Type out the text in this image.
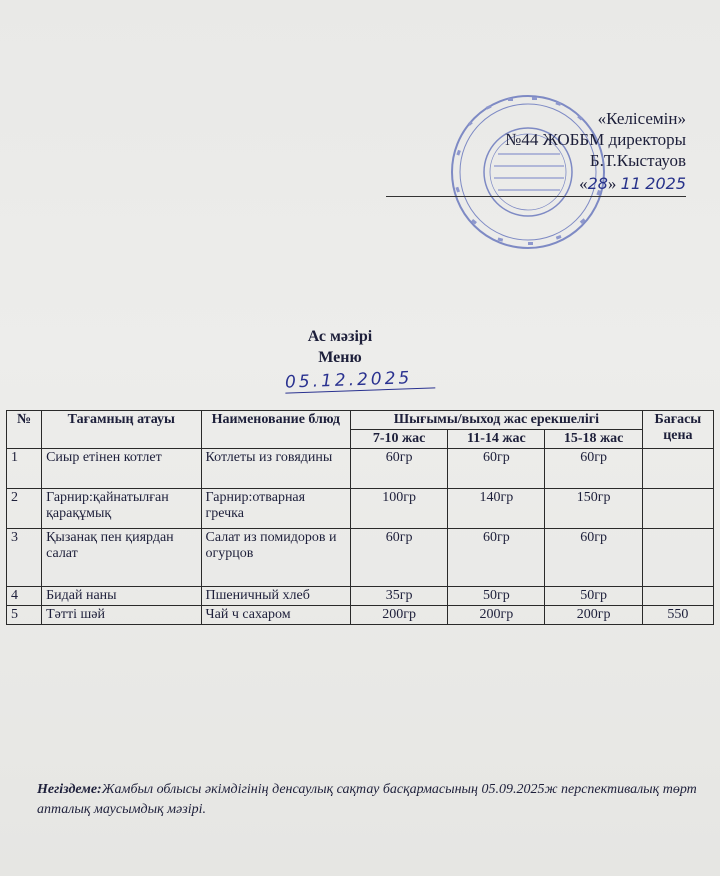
«Келісемін»
№44 ЖОББМ директоры
Б.Т.Кыстауов
«28» 11 2025
Ас мәзірі
Меню
05.12.2025
№	Тағамның атауы	Наименование блюд	Шығымы/выход жас ерекшелігі			Бағасы цена
			7-10 жас	11-14 жас	15-18 жас	
1	Сиыр етінен котлет	Котлеты из говядины	60гр	60гр	60гр	
2	Гарнир:қайнатылған қарақұмық	Гарнир:отварная гречка	100гр	140гр	150гр	
3	Қызанақ пен қиярдан салат	Салат из помидоров и огурцов	60гр	60гр	60гр	
4	Бидай наны	Пшеничный хлеб	35гр	50гр	50гр	
5	Тәтті шәй	Чай ч сахаром	200гр	200гр	200гр	550
Негіздеме:Жамбыл облысы әкімдігінің денсаулық сақтау басқармасының 05.09.2025ж перспективалық төрт апталық маусымдық мәзірі.
